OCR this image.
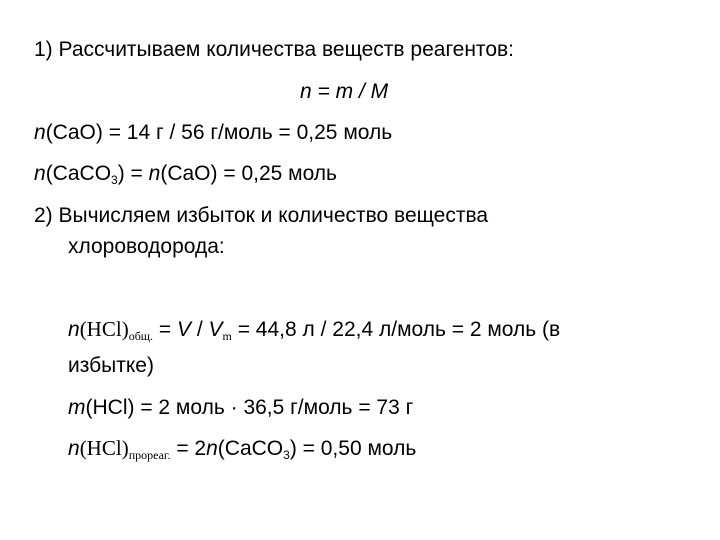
1) Рассчитываем количества веществ реагентов:
n = m / M
n(CaO) = 14 г / 56 г/моль = 0,25 моль
n(CaCO$_3$) = n(CaO) = 0,25 моль
2) Вычисляем избыток и количество вещества
хлороводорода:
$n(HCl)_{общ.} = V / V_m = 44,8$ л / 22,4 л/моль = 2 моль (в
избытке)
m(HCl) = 2 моль · 36,5 г/моль = 73 г
$n(HCl)_{прореаг.}$ = 2n(CaCO$_3$) = 0,50 моль
